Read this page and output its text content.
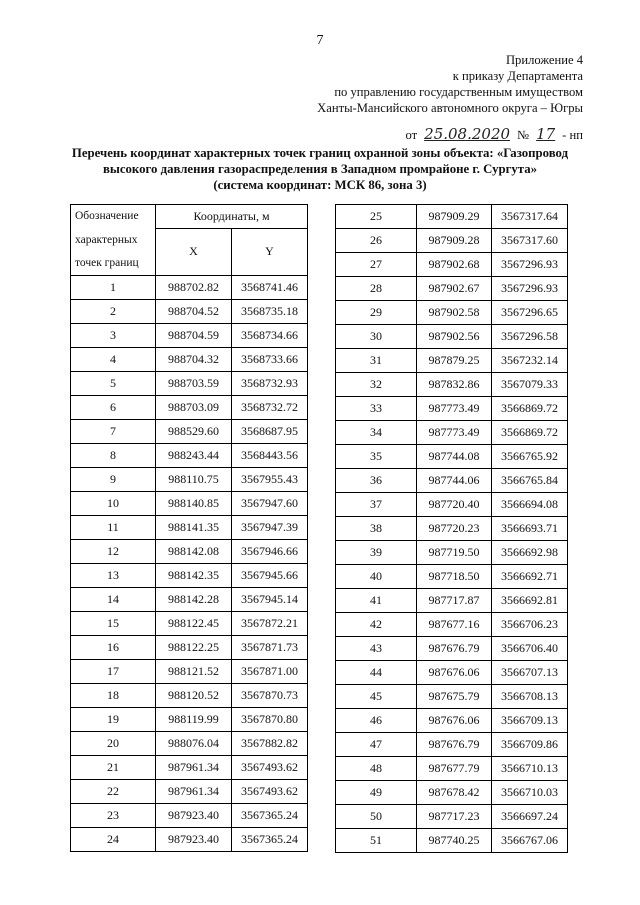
7
Приложение 4
к приказу Департамента
по управлению государственным имуществом
Ханты-Мансийского автономного округа – Югры
от 25.08.2020 № 17 - нп
Перечень координат характерных точек границ охранной зоны объекта: «Газопровод
высокого давления газораспределения в Западном промрайоне г. Сургута»
(система координат: МСК 86, зона 3)
Обозначение	Координаты, м	
характерных	X	Y
точек границ		
1	988702.82	3568741.46
2	988704.52	3568735.18
3	988704.59	3568734.66
4	988704.32	3568733.66
5	988703.59	3568732.93
6	988703.09	3568732.72
7	988529.60	3568687.95
8	988243.44	3568443.56
9	988110.75	3567955.43
10	988140.85	3567947.60
11	988141.35	3567947.39
12	988142.08	3567946.66
13	988142.35	3567945.66
14	988142.28	3567945.14
15	988122.45	3567872.21
16	988122.25	3567871.73
17	988121.52	3567871.00
18	988120.52	3567870.73
19	988119.99	3567870.80
20	988076.04	3567882.82
21	987961.34	3567493.62
22	987961.34	3567493.62
23	987923.40	3567365.24
24	987923.40	3567365.24
25	987909.29	3567317.64
26	987909.28	3567317.60
27	987902.68	3567296.93
28	987902.67	3567296.93
29	987902.58	3567296.65
30	987902.56	3567296.58
31	987879.25	3567232.14
32	987832.86	3567079.33
33	987773.49	3566869.72
34	987773.49	3566869.72
35	987744.08	3566765.92
36	987744.06	3566765.84
37	987720.40	3566694.08
38	987720.23	3566693.71
39	987719.50	3566692.98
40	987718.50	3566692.71
41	987717.87	3566692.81
42	987677.16	3566706.23
43	987676.79	3566706.40
44	987676.06	3566707.13
45	987675.79	3566708.13
46	987676.06	3566709.13
47	987676.79	3566709.86
48	987677.79	3566710.13
49	987678.42	3566710.03
50	987717.23	3566697.24
51	987740.25	3566767.06
